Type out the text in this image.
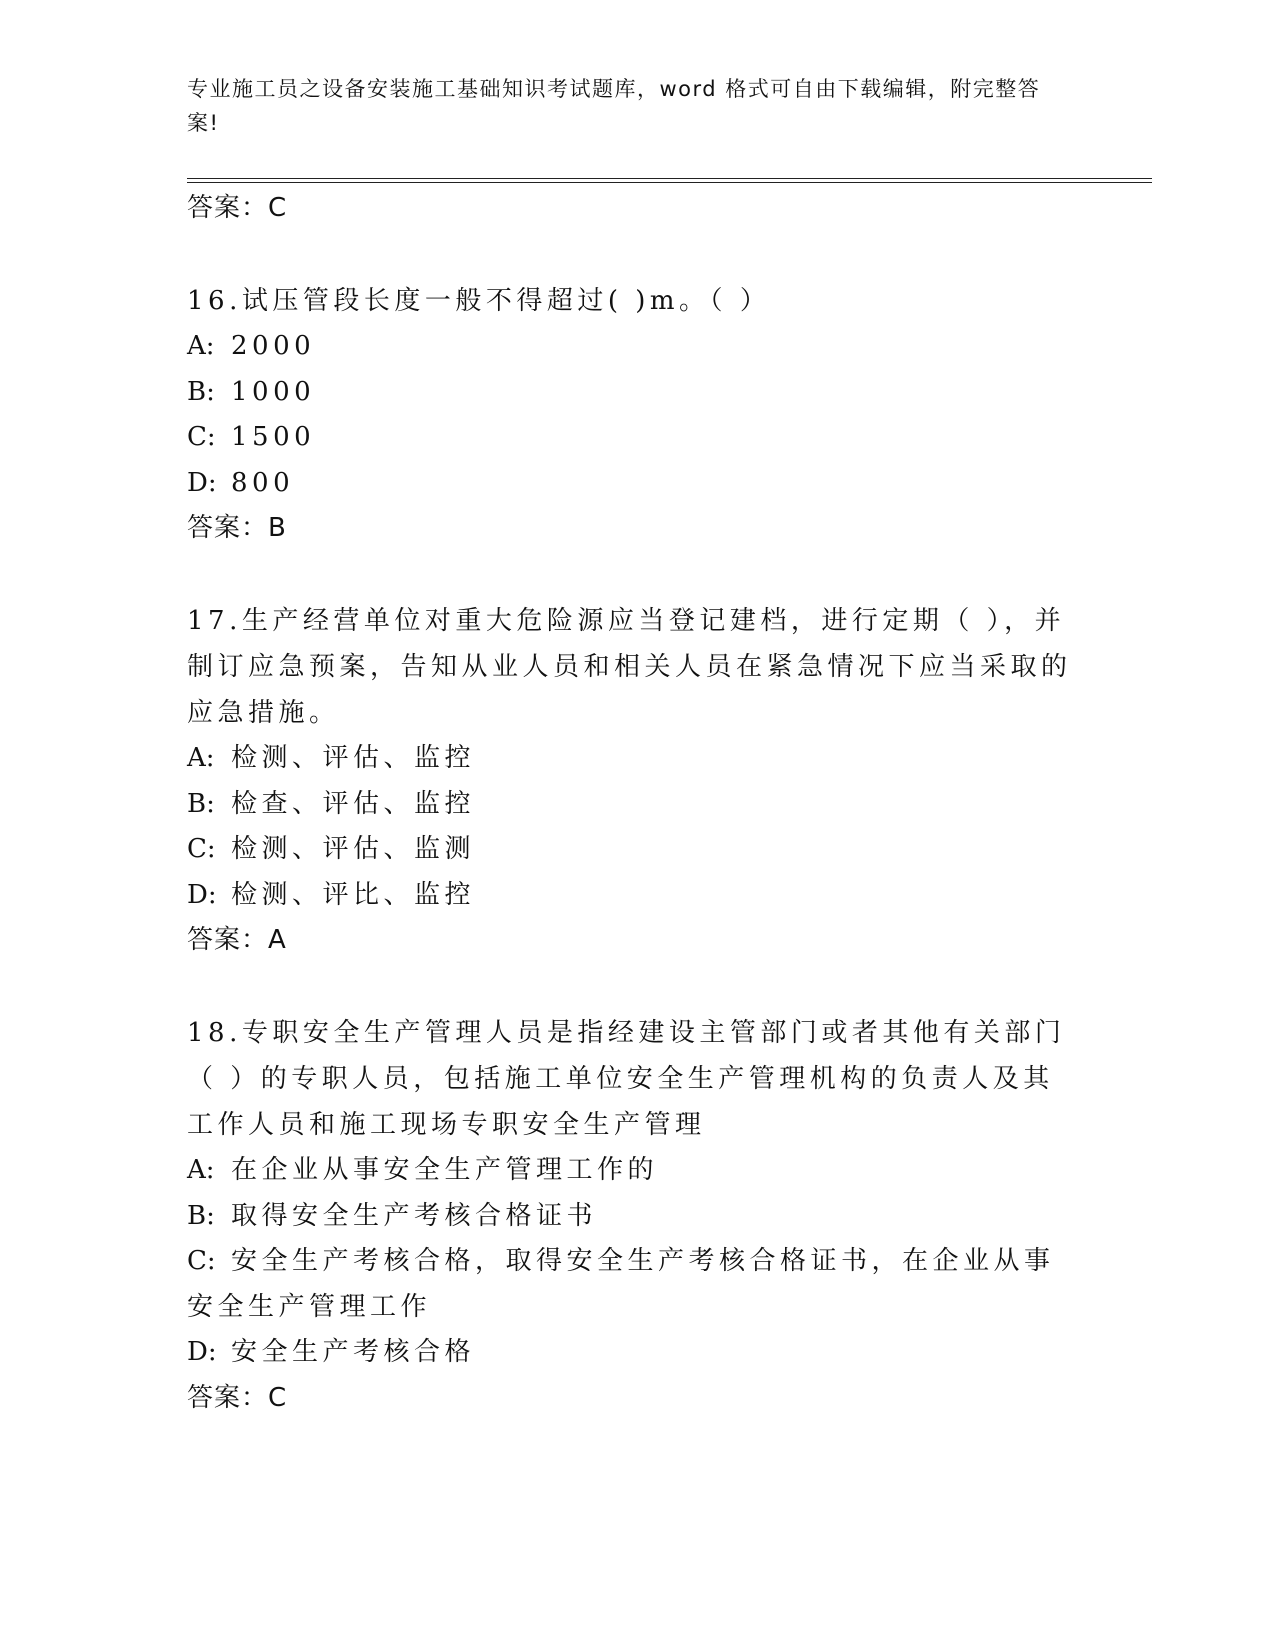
专业施工员之设备安装施工基础知识考试题库，word 格式可自由下载编辑，附完整答案!
答案：C
16.试压管段长度一般不得超过( )m。（ ）
A: 2000
B: 1000
C: 1500
D: 800
答案：B
17.生产经营单位对重大危险源应当登记建档，进行定期（ ），并制订应急预案，告知从业人员和相关人员在紧急情况下应当采取的应急措施。
A: 检测、评估、监控
B: 检查、评估、监控
C: 检测、评估、监测
D: 检测、评比、监控
答案：A
18.专职安全生产管理人员是指经建设主管部门或者其他有关部门（ ）的专职人员，包括施工单位安全生产管理机构的负责人及其工作人员和施工现场专职安全生产管理
A: 在企业从事安全生产管理工作的
B: 取得安全生产考核合格证书
C: 安全生产考核合格，取得安全生产考核合格证书，在企业从事安全生产管理工作
D: 安全生产考核合格
答案：C
